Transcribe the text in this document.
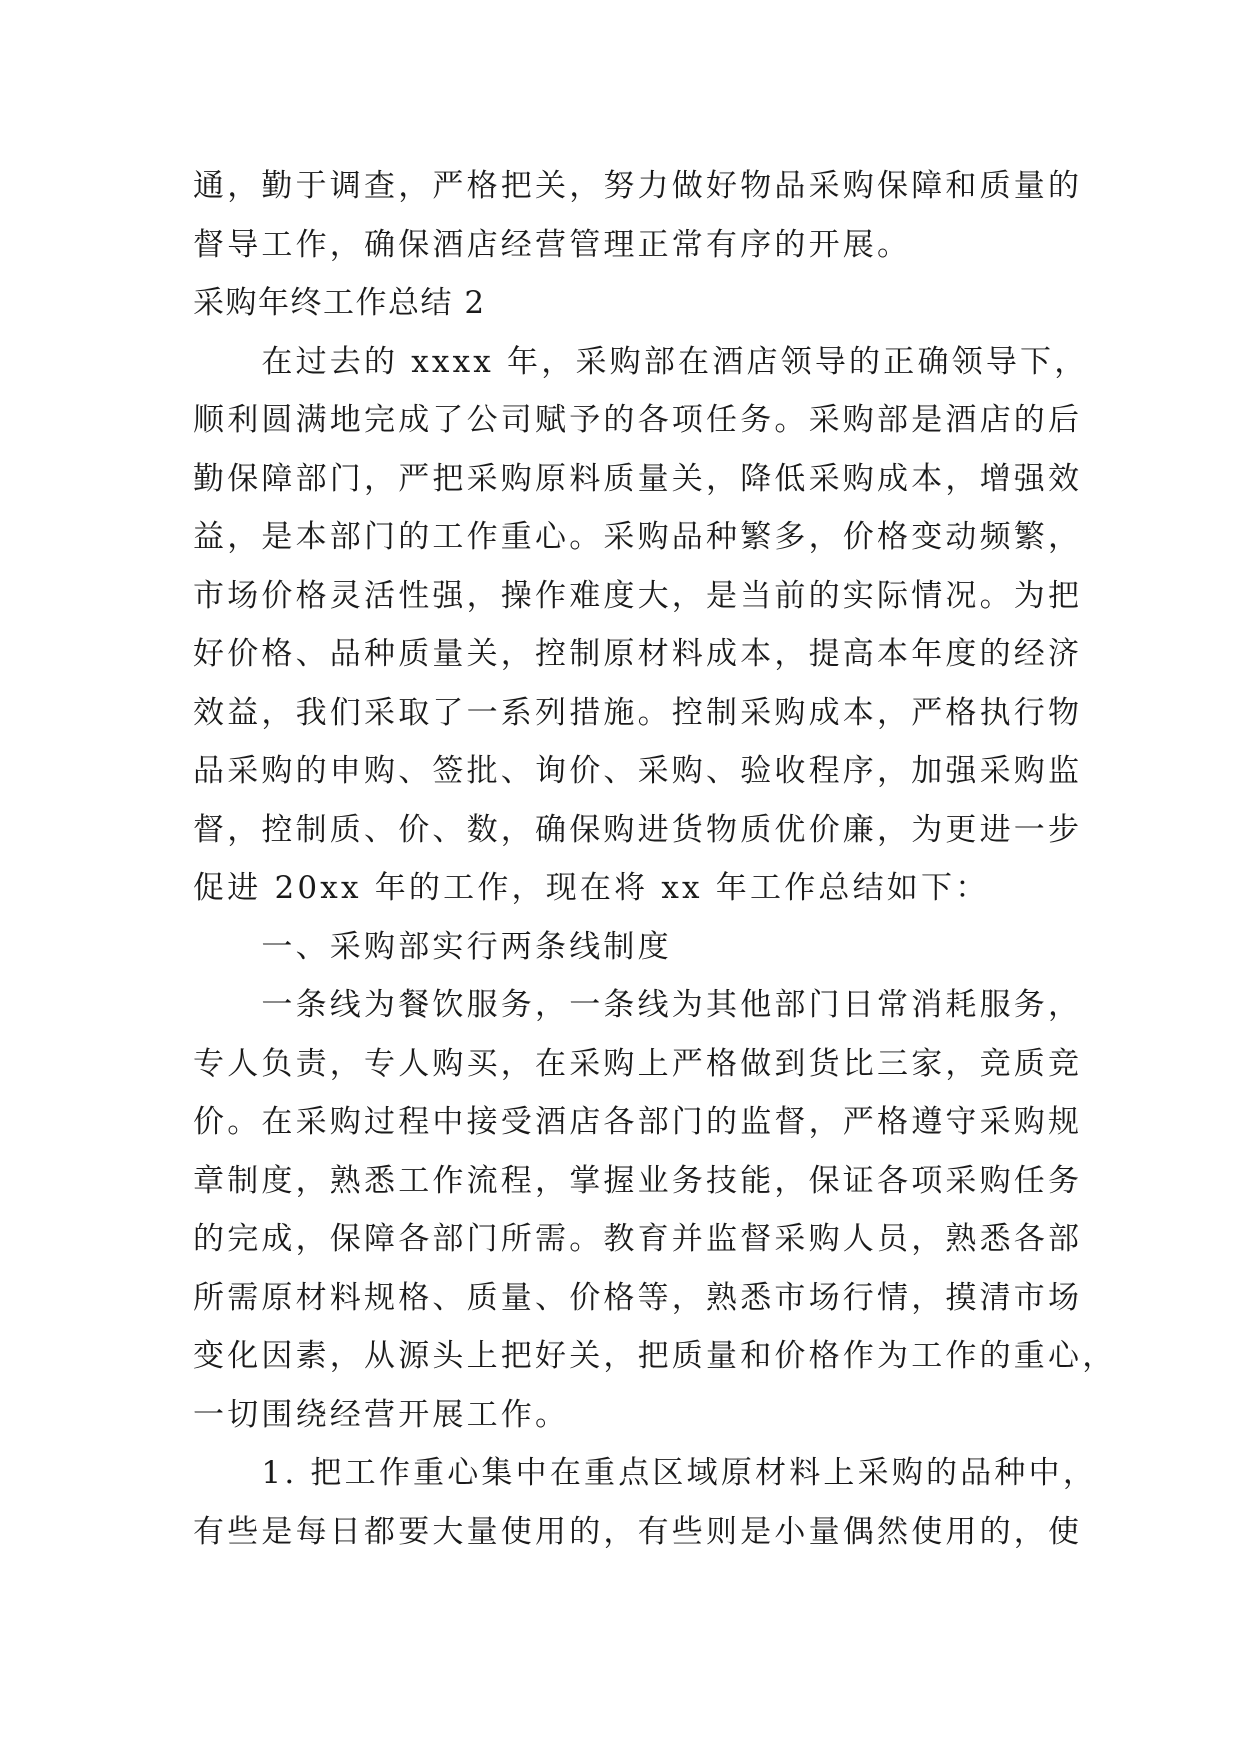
通，勤于调查，严格把关，努力做好物品采购保障和质量的
督导工作，确保酒店经营管理正常有序的开展。
采购年终工作总结 2
　　在过去的 xxxx 年，采购部在酒店领导的正确领导下，
顺利圆满地完成了公司赋予的各项任务。采购部是酒店的后
勤保障部门，严把采购原料质量关，降低采购成本，增强效
益，是本部门的工作重心。采购品种繁多，价格变动频繁，
市场价格灵活性强，操作难度大，是当前的实际情况。为把
好价格、品种质量关，控制原材料成本，提高本年度的经济
效益，我们采取了一系列措施。控制采购成本，严格执行物
品采购的申购、签批、询价、采购、验收程序，加强采购监
督，控制质、价、数，确保购进货物质优价廉，为更进一步
促进 20xx 年的工作，现在将 xx 年工作总结如下：
　　一、采购部实行两条线制度
　　一条线为餐饮服务，一条线为其他部门日常消耗服务，
专人负责，专人购买，在采购上严格做到货比三家，竞质竞
价。在采购过程中接受酒店各部门的监督，严格遵守采购规
章制度，熟悉工作流程，掌握业务技能，保证各项采购任务
的完成，保障各部门所需。教育并监督采购人员，熟悉各部
所需原材料规格、质量、价格等，熟悉市场行情，摸清市场
变化因素，从源头上把好关，把质量和价格作为工作的重心，
一切围绕经营开展工作。
　　1. 把工作重心集中在重点区域原材料上采购的品种中，
有些是每日都要大量使用的，有些则是小量偶然使用的，使
